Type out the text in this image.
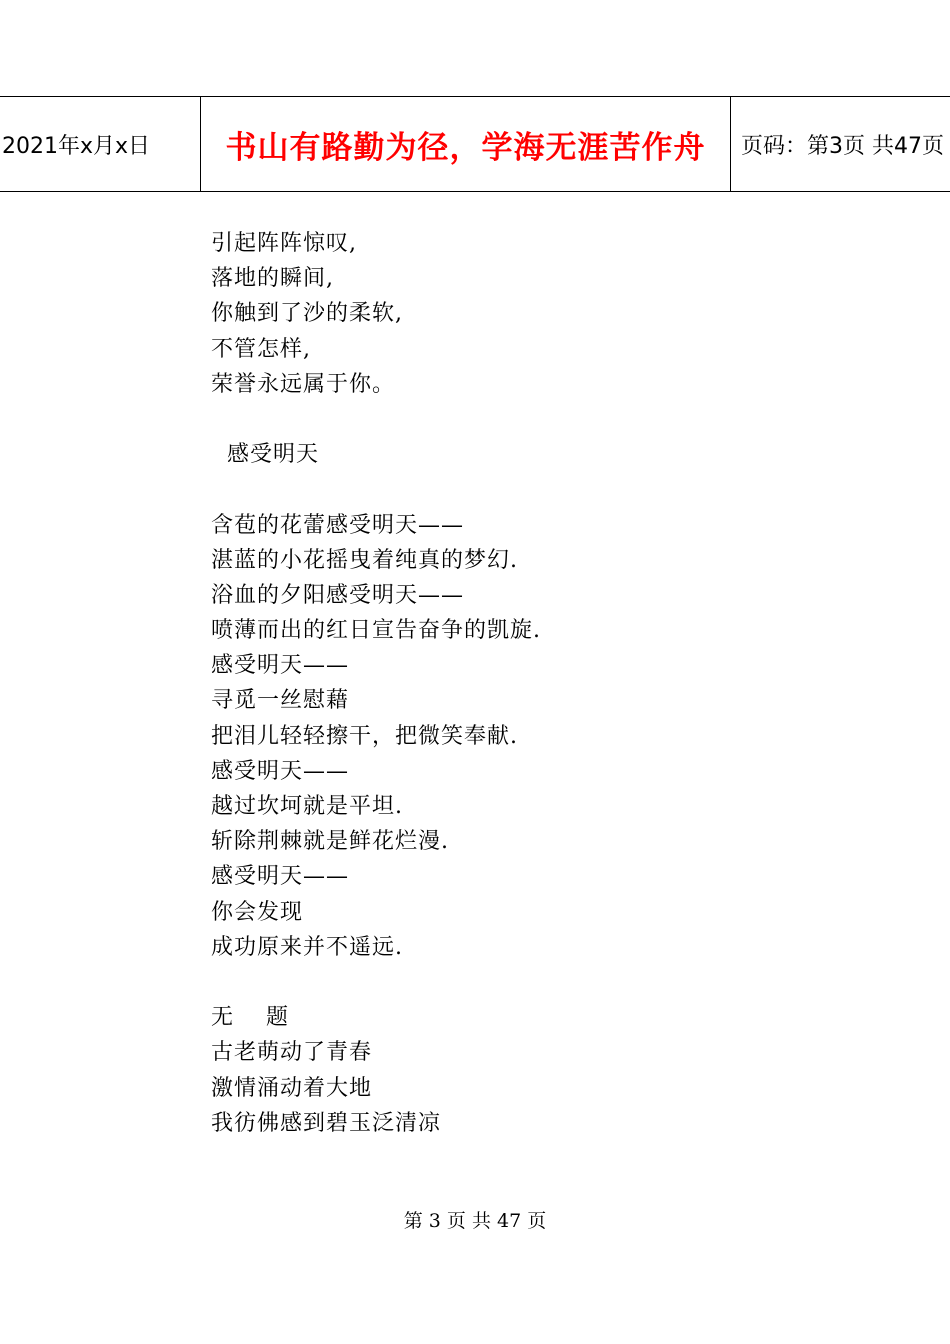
2021年x月x日	书山有路勤为径，学海无涯苦作舟	页码：第3页 共47页
引起阵阵惊叹,
落地的瞬间,
你触到了沙的柔软,
不管怎样,
荣誉永远属于你。
感受明天
含苞的花蕾感受明天——
湛蓝的小花摇曳着纯真的梦幻.
浴血的夕阳感受明天——
喷薄而出的红日宣告奋争的凯旋.
感受明天——
寻觅一丝慰藉
把泪儿轻轻擦干，把微笑奉献.
感受明天——
越过坎坷就是平坦.
斩除荆棘就是鲜花烂漫.
感受明天——
你会发现
成功原来并不遥远.
无    题
古老萌动了青春
激情涌动着大地
我彷佛感到碧玉泛清凉
第 3 页 共 47 页
